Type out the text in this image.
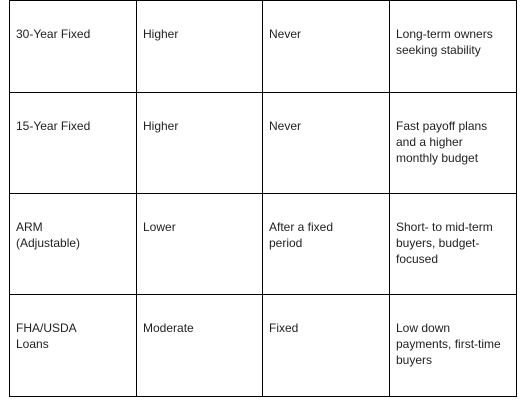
30-Year Fixed	Higher	Never	Long-term owners seeking stability

15-Year Fixed	Higher	Never	Fast payoff plans and a higher monthly budget

ARM (Adjustable)	Lower	After a fixed period	Short- to mid-term buyers, budget-focused

FHA/USDA Loans	Moderate	Fixed	Low down payments, first-time buyers
